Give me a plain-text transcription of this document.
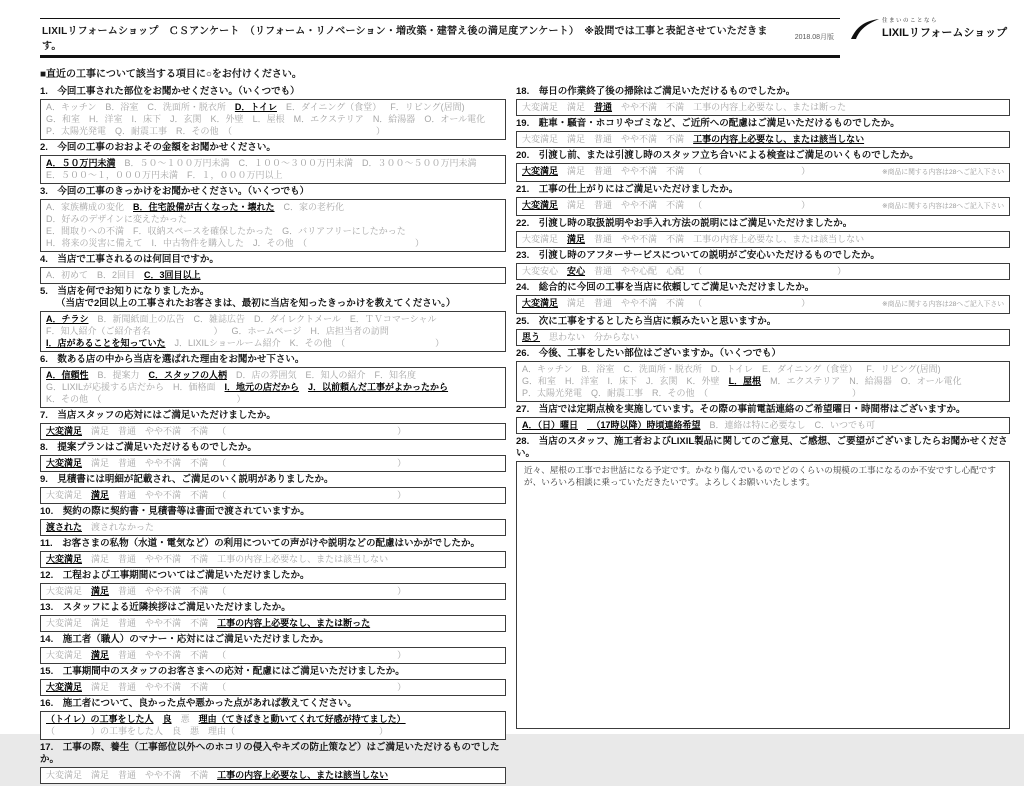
LIXILリフォームショップ　ＣＳアンケート　（リフォーム・リノベーション・増改築・建替え後の満足度アンケート）　※設問では工事と表記させていただきます。
2018.08月版
住まいのことなら
LIXILリフォームショップ
■直近の工事について該当する項目に○をお付けください。
1.　今回工事された部位をお聞かせください。（いくつでも）
A．キッチン B．浴室 C．洗面所・脱衣所 D．トイレ E．ダイニング（食堂） F．リビング(居間)
G．和室 H．洋室 I．床下 J．玄関 K．外壁 L．屋根 M．エクステリア N．給湯器 O．オール電化
P．太陽光発電 Q．耐震工事 R．その他　（　　　　　　　　　　　　　　　　）
2.　今回の工事のおおよその金額をお聞かせください。
A．５０万円未満 B．５０～１００万円未満 C．１００～３００万円未満 D．３００～５００万円未満
E．５００～１，０００万円未満 F．１，０００万円以上
3.　今回の工事のきっかけをお聞かせください。（いくつでも）
A．家族構成の変化 B．住宅設備が古くなった・壊れた C．家の老朽化
D．好みのデザインに変えたかった
E．間取りへの不満 F．収納スペースを確保したかった G．バリアフリーにしたかった
H．将来の災害に備えて I．中古物件を購入した J．その他　（　　　　　　　　　　　　）
4.　当店で工事されるのは何回目ですか。
A．初めて B．2回目 C．3回目以上
5.　当店を何でお知りになりましたか。
（当店で2回以上の工事されたお客さまは、最初に当店を知ったきっかけを教えてください。）
A．チラシ B．新聞紙面上の広告 C．雑誌広告 D．ダイレクトメール E．ＴＶコマーシャル
F．知人紹介（ご紹介者名　　　　　　　） G．ホームページ H．店担当者の訪問
I．店があることを知っていた J．LIXILショールーム紹介 K．その他　（　　　　　　　　　　）
6.　数ある店の中から当店を選ばれた理由をお聞かせ下さい。
A．信頼性 B．提案力 C．スタッフの人柄 D．店の雰囲気 E．知人の紹介 F．知名度
G．LIXILが応援する店だから H．価格面 I．地元の店だから J．以前頼んだ工事がよかったから
K．その他　（　　　　　　　　　　　　　　　）
7.　当店スタッフの応対にはご満足いただけましたか。
大変満足 満足 普通 やや不満 不満 （　　　　　　　　　　　　　　　　　　　）
8.　提案プランはご満足いただけるものでしたか。
大変満足 満足 普通 やや不満 不満 （　　　　　　　　　　　　　　　　　　　）
9.　見積書には明細が記載され、ご満足のいく説明がありましたか。
大変満足 満足 普通 やや不満 不満 （　　　　　　　　　　　　　　　　　　　）
10.　契約の際に契約書・見積書等は書面で渡されていますか。
渡された 渡されなかった
11.　お客さまの私物（水道・電気など）の利用についての声がけや説明などの配慮はいかがでしたか。
大変満足 満足 普通 やや不満 不満 工事の内容上必要なし、または該当しない
12.　工程および工事期間についてはご満足いただけましたか。
大変満足 満足 普通 やや不満 不満 （　　　　　　　　　　　　　　　　　　　）
13.　スタッフによる近隣挨拶はご満足いただけましたか。
大変満足 満足 普通 やや不満 不満 工事の内容上必要なし、または断った
14.　施工者（職人）のマナー・応対にはご満足いただけましたか。
大変満足 満足 普通 やや不満 不満 （　　　　　　　　　　　　　　　　　　　）
15.　工事期間中のスタッフのお客さまへの応対・配慮にはご満足いただけましたか。
大変満足 満足 普通 やや不満 不満 （　　　　　　　　　　　　　　　　　　　）
16.　施工者について、良かった点や悪かった点があれば教えてください。
（トイレ）の工事をした人 良 悪 理由（てきぱきと動いてくれて好感が持てました）
（　　　　）の工事をした人 良 悪 理由（　　　　　　　　　　　　　　　　）
17.　工事の際、養生（工事部位以外へのホコリの侵入やキズの防止策など）はご満足いただけるものでしたか。
大変満足 満足 普通 やや不満 不満 工事の内容上必要なし、または該当しない
18.　毎日の作業終了後の掃除はご満足いただけるものでしたか。
大変満足 満足 普通 やや不満 不満 工事の内容上必要なし、または断った
19.　駐車・騒音・ホコリやゴミなど、ご近所への配慮はご満足いただけるものでしたか。
大変満足 満足 普通 やや不満 不満 工事の内容上必要なし、または該当しない
20.　引渡し前、または引渡し時のスタッフ立ち合いによる検査はご満足のいくものでしたか。
大変満足 満足 普通 やや不満 不満 （　　　　　　　　　　　）	※商品に関する内容は28へご記入下さい
21.　工事の仕上がりにはご満足いただけましたか。
大変満足 満足 普通 やや不満 不満 （　　　　　　　　　　　）	※商品に関する内容は28へご記入下さい
22.　引渡し時の取扱説明やお手入れ方法の説明にはご満足いただけましたか。
大変満足 満足 普通 やや不満 不満 工事の内容上必要なし、または該当しない
23.　引渡し時のアフターサービスについての説明がご安心いただけるものでしたか。
大変安心 安心 普通 やや心配 心配 （　　　　　　　　　　　　　　　）
24.　総合的に今回の工事を当店に依頼してご満足いただけましたか。
大変満足 満足 普通 やや不満 不満 （　　　　　　　　　　　）	※商品に関する内容は28へご記入下さい
25.　次に工事をするとしたら当店に頼みたいと思いますか。
思う 思わない 分からない
26.　今後、工事をしたい部位はございますか。（いくつでも）
A．キッチン B．浴室 C．洗面所・脱衣所 D．トイレ E．ダイニング（食堂） F．リビング(居間)
G．和室 H．洋室 I．床下 J．玄関 K．外壁 L．屋根 M．エクステリア N．給湯器 O．オール電化
P．太陽光発電 Q．耐震工事 R．その他　（　　　　　　　　　　　　　　　　）
27.　当店では定期点検を実施しています。その際の事前電話連絡のご希望曜日・時間帯はございますか。
A．（日）曜日 　（17時以降）時頃連絡希望 B．連絡は特に必要なし C．いつでも可
28.　当店のスタッフ、施工者およびLIXIL製品に関してのご意見、ご感想、ご要望がございましたらお聞かせください。
近々、屋根の工事でお世話になる予定です。かなり傷んでいるのでどのくらいの規模の工事になるのか不安ですし心配ですが、いろいろ相談に乗っていただきたいです。よろしくお願いいたします。
